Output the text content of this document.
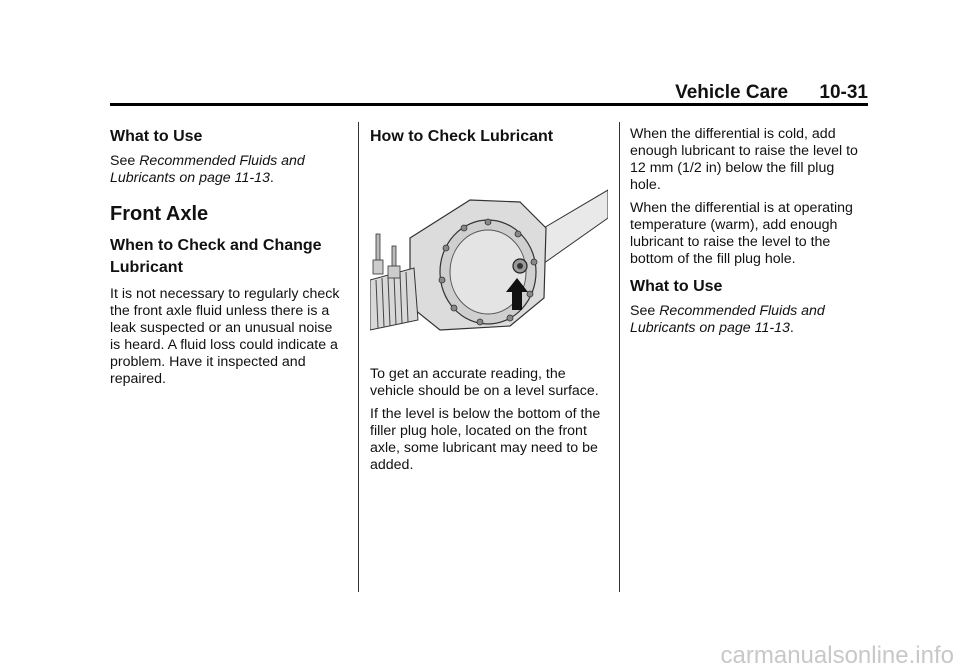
Vehicle Care 10-31
What to Use

See Recommended Fluids and Lubricants on page 11-13.

Front Axle
When to Check and Change Lubricant

It is not necessary to regularly check the front axle fluid unless there is a leak suspected or an unusual noise is heard. A fluid loss could indicate a problem. Have it inspected and repaired.

How to Check Lubricant

To get an accurate reading, the vehicle should be on a level surface.

If the level is below the bottom of the filler plug hole, located on the front axle, some lubricant may need to be added.

When the differential is cold, add enough lubricant to raise the level to 12 mm (1/2 in) below the fill plug hole.

When the differential is at operating temperature (warm), add enough lubricant to raise the level to the bottom of the fill plug hole.

What to Use

See Recommended Fluids and Lubricants on page 11-13.

carmanualsonline.info
